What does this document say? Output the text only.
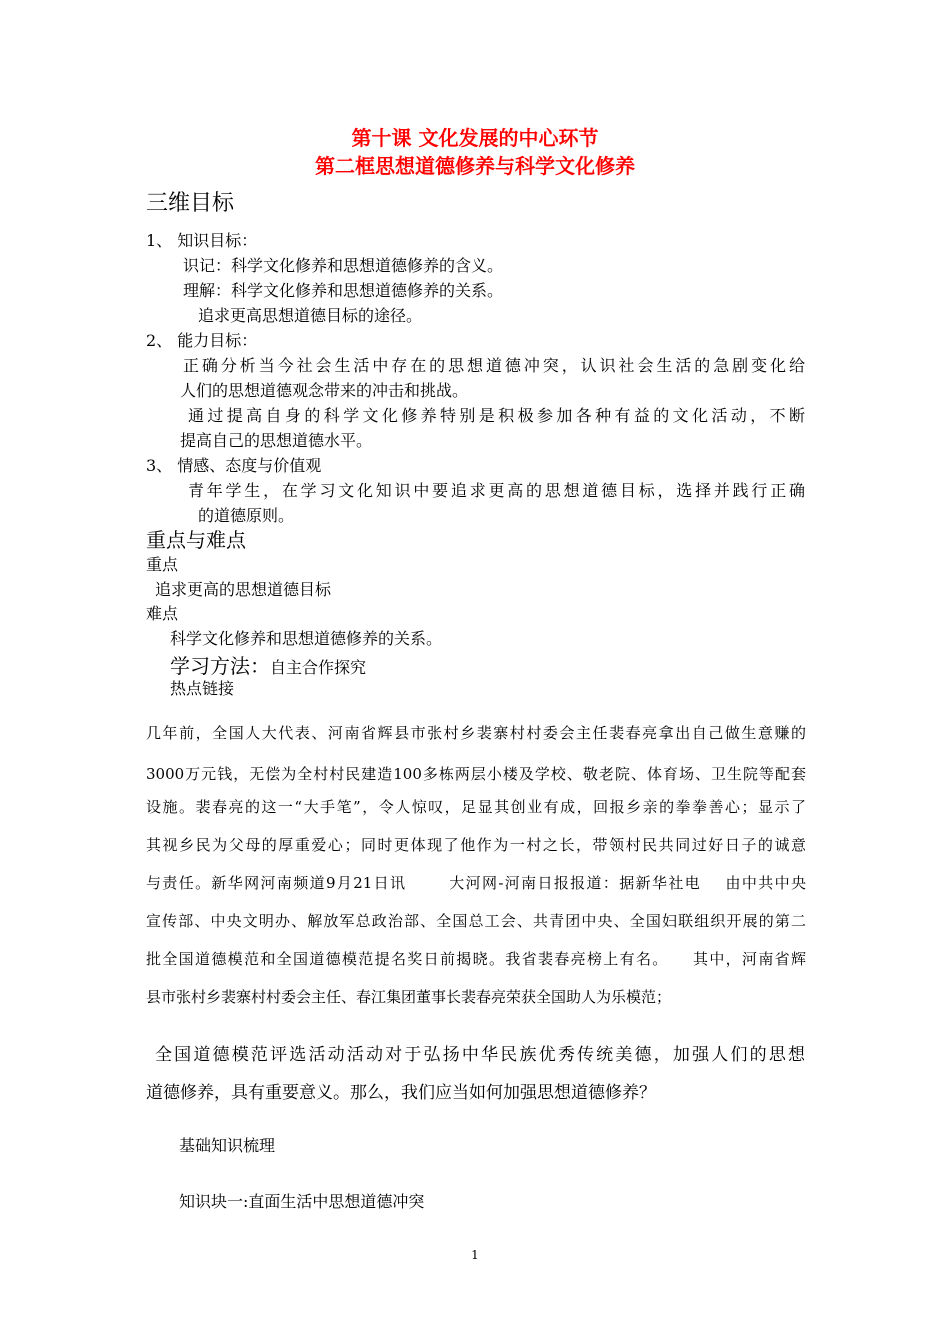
第十课 文化发展的中心环节
第二框思想道德修养与科学文化修养
三维目标
1、 知识目标：
识记：科学文化修养和思想道德修养的含义。
理解：科学文化修养和思想道德修养的关系。
追求更高思想道德目标的途径。
2、 能力目标：
正确分析当今社会生活中存在的思想道德冲突，认识社会生活的急剧变化给
人们的思想道德观念带来的冲击和挑战。
通过提高自身的科学文化修养特别是积极参加各种有益的文化活动，不断
提高自己的思想道德水平。
3、 情感、态度与价值观
青年学生，在学习文化知识中要追求更高的思想道德目标，选择并践行正确
的道德原则。
重点与难点
重点
追求更高的思想道德目标
难点
科学文化修养和思想道德修养的关系。
学习方法：自主合作探究
热点链接
几年前，全国人大代表、河南省辉县市张村乡裴寨村村委会主任裴春亮拿出自己做生意赚的
3000万元钱，无偿为全村村民建造100多栋两层小楼及学校、敬老院、体育场、卫生院等配套
设施。裴春亮的这一“大手笔”，令人惊叹，足显其创业有成，回报乡亲的拳拳善心；显示了
其视乡民为父母的厚重爱心；同时更体现了他作为一村之长，带领村民共同过好日子的诚意
与责任。新华网河南频道9月21日讯       大河网-河南日报报道：据新华社电    由中共中央
宣传部、中央文明办、解放军总政治部、全国总工会、共青团中央、全国妇联组织开展的第二
批全国道德模范和全国道德模范提名奖日前揭晓。我省裴春亮榜上有名。    其中，河南省辉
县市张村乡裴寨村村委会主任、春江集团董事长裴春亮荣获全国助人为乐模范；
全国道德模范评选活动活动对于弘扬中华民族优秀传统美德，加强人们的思想
道德修养，具有重要意义。那么，我们应当如何加强思想道德修养？
基础知识梳理
知识块一:直面生活中思想道德冲突
1
